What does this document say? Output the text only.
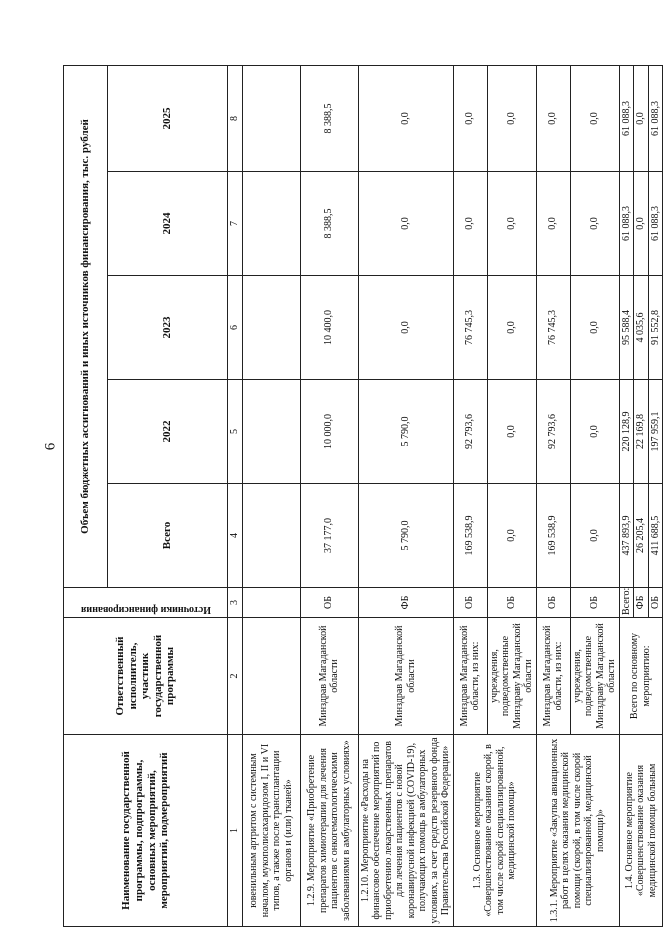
6
Наименование государственной программы, подпрограммы, основных мероприятий, мероприятий, подмероприятий	Ответственный исполнитель, участник государственной программы	Источники финансирования	Объем бюджетных ассигнований и иных источников финансирования, тыс. рублей				
			Всего	2022	2023	2024	2025
1	2	3	4	5	6	7	8
ювенильным артритом с системным началом, мукополисахаридозом I, II и VI типов, а также после трансплантации органов и (или) тканей»							
1.2.9. Мероприятие «Приобретение препаратов химиотерапии для лечения пациентов с онкогематологическими заболеваниями в амбулаторных условиях»	Минздрав Магаданской области	ОБ	37 177,0	10 000,0	10 400,0	8 388,5	8 388,5
1.2.10. Мероприятие «Расходы на финансовое обеспечение мероприятий по приобретению лекарственных препаратов для лечения пациентов с новой коронавирусной инфекцией (COVID-19), получающих помощь в амбулаторных условиях, за счет средств резервного фонда Правительства Российской Федерации»	Минздрав Магаданской области	ФБ	5 790,0	5 790,0	0,0	0,0	0,0
1.3. Основное мероприятие «Совершенствование оказания скорой, в том числе скорой специализированной, медицинской помощи»	Минздрав Магаданской области, из них:	ОБ	169 538,9	92 793,6	76 745,3	0,0	0,0
	учреждения, подведомственные Минздраву Магаданской области	ОБ	0,0	0,0	0,0	0,0	0,0
1.3.1. Мероприятие «Закупка авиационных работ в целях оказания медицинской помощи (скорой, в том числе скорой специализированной, медицинской помощи)»	Минздрав Магаданской области, из них:	ОБ	169 538,9	92 793,6	76 745,3	0,0	0,0
	учреждения, подведомственные Минздраву Магаданской области	ОБ	0,0	0,0	0,0	0,0	0,0
1.4. Основное мероприятие «Совершенствование оказания медицинской помощи больным	Всего по основному мероприятию:	Всего:	437 893,9	220 128,9	95 588,4	61 088,3	61 088,3
		ФБ	26 205,4	22 169,8	4 035,6	0,0	0,0
		ОБ	411 688,5	197 959,1	91 552,8	61 088,3	61 088,3
